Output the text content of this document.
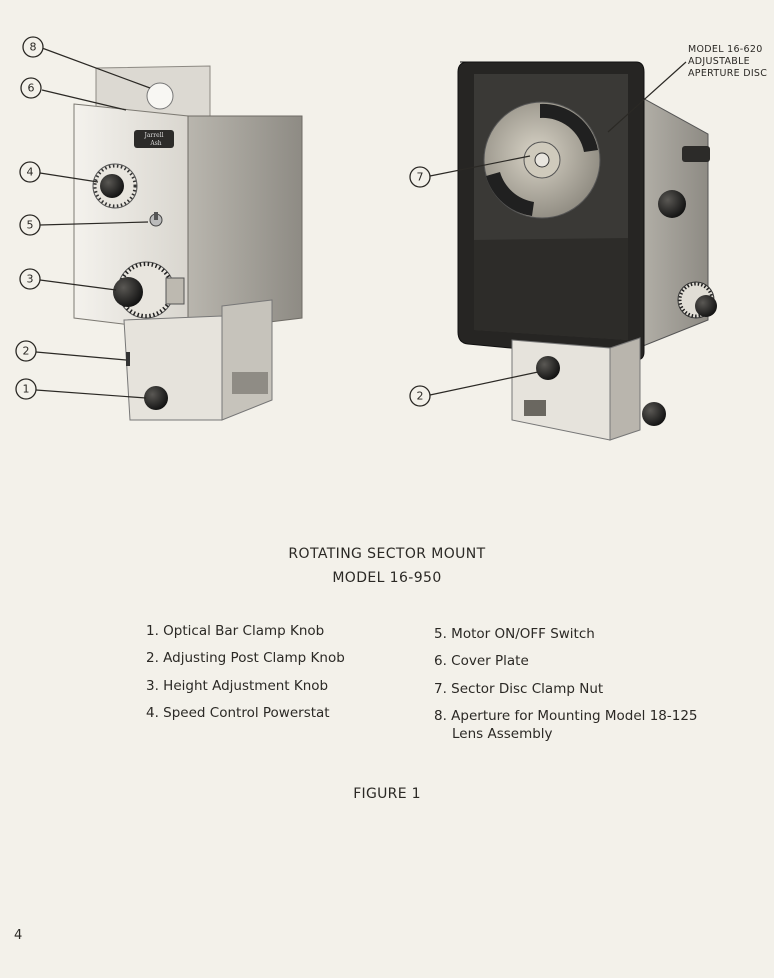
Jarrell
Ash
8
6
4
5
3
2
1
7
2
MODEL 16-620
ADJUSTABLE
APERTURE DISC
ROTATING SECTOR MOUNT
MODEL 16-950
1. Optical Bar Clamp Knob
2. Adjusting Post Clamp Knob
3. Height Adjustment Knob
4. Speed Control Powerstat
5. Motor ON/OFF Switch
6. Cover Plate
7. Sector Disc Clamp Nut
8. Aperture for Mounting Model 18-125
Lens Assembly
FIGURE 1
4
